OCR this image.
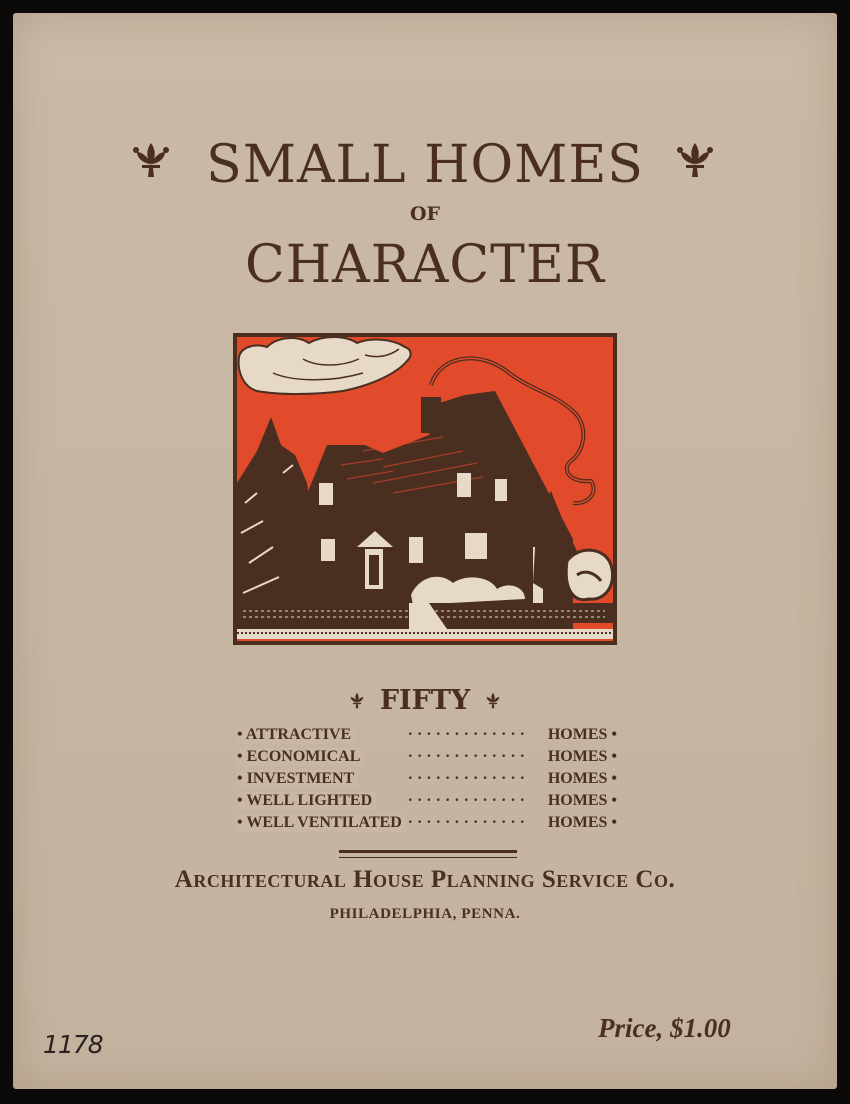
SMALL HOMES
OF
CHARACTER
FIFTY
·············
• ATTRACTIVE	HOMES •
·············
• ECONOMICAL	HOMES •
·············
• INVESTMENT	HOMES •
·············
• WELL LIGHTED	HOMES •
·············
• WELL VENTILATED	HOMES •
Architectural House Planning Service Co.
PHILADELPHIA, PENNA.
Price, $1.00
1178
